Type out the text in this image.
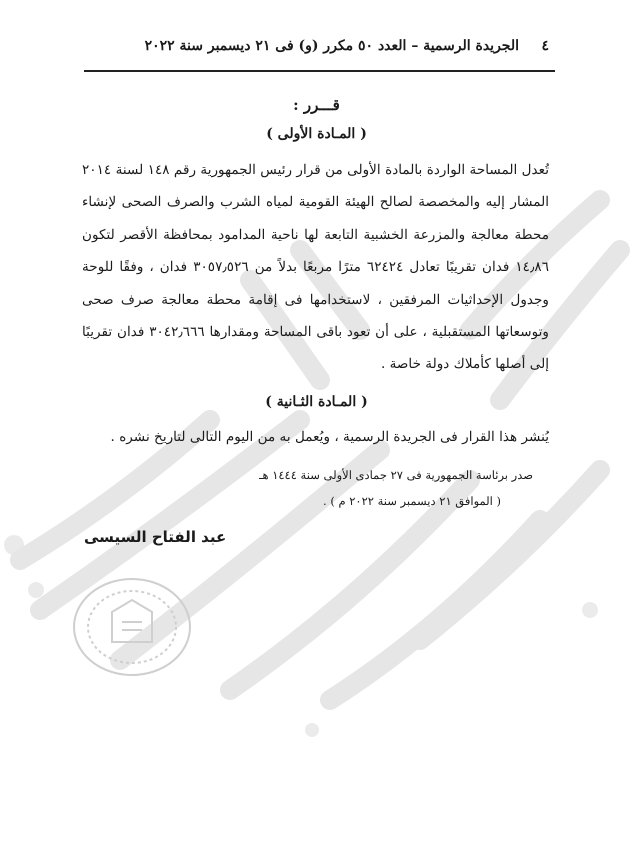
٤
الجريدة الرسمية – العدد ٥٠ مكرر (و) فى ٢١ ديسمبر سنة ٢٠٢٢
قـــرر :
( المـادة الأولى )
تُعدل المساحة الواردة بالمادة الأولى من قرار رئيس الجمهورية رقم ١٤٨ لسنة ٢٠١٤ المشار إليه والمخصصة لصالح الهيئة القومية لمياه الشرب والصرف الصحى لإنشاء محطة معالجة والمزرعة الخشبية التابعة لها ناحية المدامود بمحافظة الأقصر لتكون ١٤٫٨٦ فدان تقريبًا تعادل ٦٢٤٢٤ مترًا مربعًا بدلاً من ٣٠٥٧٫٥٢٦ فدان ، وفقًا للوحة وجدول الإحداثيات المرفقين ، لاستخدامها فى إقامة محطة معالجة صرف صحى وتوسعاتها المستقبلية ، على أن تعود باقى المساحة ومقدارها ٣٠٤٢٫٦٦٦ فدان تقريبًا إلى أصلها كأملاك دولة خاصة .
( المـادة الثـانية )
يُنشر هذا القرار فى الجريدة الرسمية ، ويُعمل به من اليوم التالى لتاريخ نشره .
صدر برئاسة الجمهورية فى ٢٧ جمادى الأولى سنة ١٤٤٤ هـ
( الموافق ٢١ ديسمبر سنة ٢٠٢٢ م ) .
عبد الفتاح السيسى
